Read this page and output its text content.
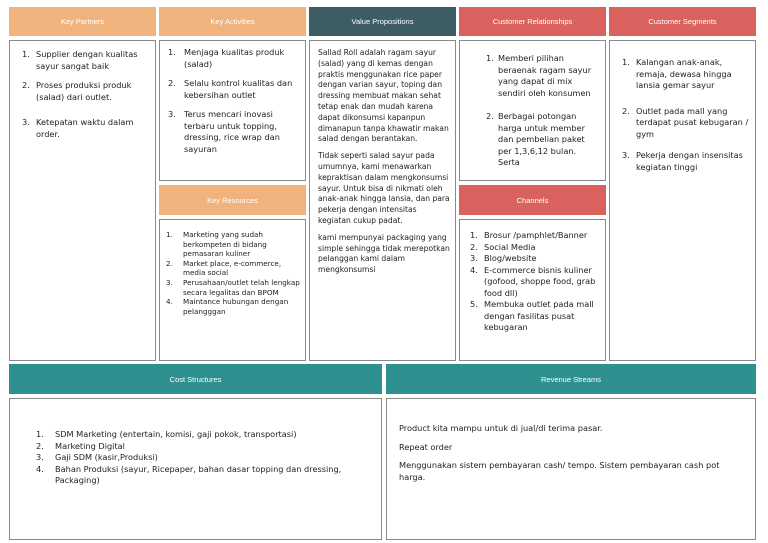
Key Partners	Key Activities	Value Propositions	Customer Relationships	Customer Segments
1. Supplier dengan kualitas sayur sangat baik
2. Proses produksi produk (salad) dari outlet.
3. Ketepatan waktu dalam order.
1. Menjaga kualitas produk (salad)
2. Selalu kontrol kualitas dan kebersihan outlet
3. Terus mencari inovasi terbaru untuk topping, dressing, rice wrap dan sayuran
Key Resources
1.	Marketing yang sudah berkompeten di bidang pemasaran kuliner
2.	Market place, e-commerce, media social
3.	Perusahaan/outlet telah lengkap secara legalitas dan BPOM
4.	Maintance hubungan dengan pelangggan

Sallad Roll adalah ragam sayur (salad) yang di kemas dengan praktis menggunakan rice paper dengan varian sayur, toping dan dressing membuat makan sehat tetap enak dan mudah karena dapat dikonsumsi kapanpun dimanapun tanpa khawatir makan salad dengan berantakan.

Tidak seperti salad sayur pada umumnya, kami menawarkan kepraktisan dalam mengkonsumsi sayur. Untuk bisa di nikmati oleh anak-anak hingga lansia, dan para pekerja dengan intensitas kegiatan cukup padat.

kami mempunyai packaging yang simple sehingga tidak merepotkan pelanggan kami dalam mengkonsumsi

1. Memberi pilihan beraenak ragam sayur yang dapat di mix sendiri oleh konsumen
2. Berbagai potongan harga untuk member dan pembelian paket per 1,3,6,12 bulan. Serta
Channels
1. Brosur /pamphlet/Banner
2. Social Media
3. Blog/website
4. E-commerce bisnis kuliner (gofood, shoppe food, grab food dll)
5. Membuka outlet pada mall dengan fasilitas pusat kebugaran
1. Kalangan anak-anak, remaja, dewasa hingga lansia gemar sayur
2. Outlet pada mall yang terdapat pusat kebugaran / gym
3. Pekerja dengan insensitas kegiatan tinggi
Cost Structures
1.	SDM Marketing (entertain, komisi, gaji pokok, transportasi)
2.	Marketing Digital
3.	Gaji SDM (kasir,Produksi)
4.	Bahan Produksi (sayur, Ricepaper, bahan dasar topping dan dressing, Packaging)
Revenue Streams

Product kita mampu untuk di jual/di terima pasar.

Repeat order

Menggunakan sistem pembayaran cash/ tempo. Sistem pembayaran cash pot harga.
